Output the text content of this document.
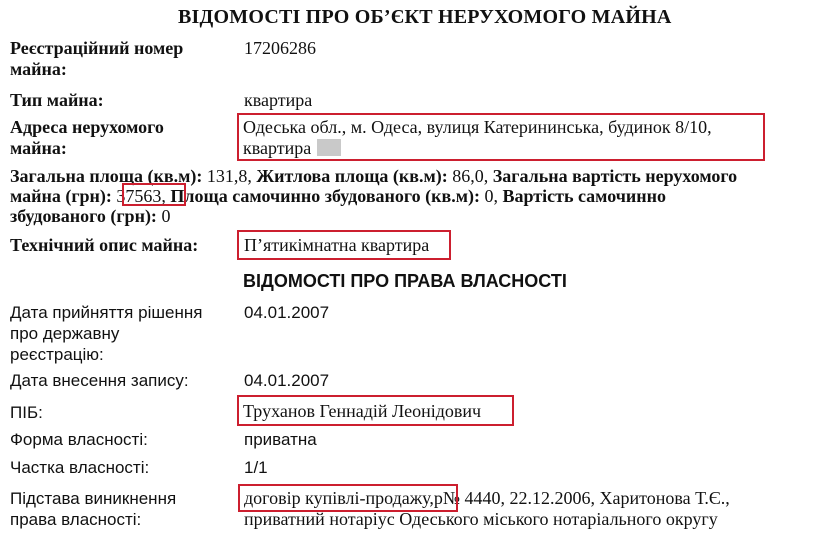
ВІДОМОСТІ ПРО ОБ’ЄКТ НЕРУХОМОГО МАЙНА
Реєстраційний номер
майна:
17206286
Тип майна:	квартира
Адреса нерухомого
майна:
Одеська обл., м. Одеса, вулиця Катерининська, будинок 8/10,
квартира
Загальна площа (кв.м): 131,8, Житлова площа (кв.м): 86,0, Загальна вартість нерухомого
майна (грн): 37563, Площа самочинно збудованого (кв.м): 0, Вартість самочинно
збудованого (грн): 0
Технічний опис майна:	П’ятикімнатна квартира
ВІДОМОСТІ ПРО ПРАВА ВЛАСНОСТІ
Дата прийняття рішення
про державну
реєстрацію:
04.01.2007
Дата внесення запису:	04.01.2007
ПІБ:	Труханов Геннадій Леонідович
Форма власності:	приватна
Частка власності:	1/1
Підстава виникнення
права власності:
договір купівлі-продажу,р№ 4440, 22.12.2006, Харитонова Т.Є.,
приватний нотаріус Одеського міського нотаріального округу
